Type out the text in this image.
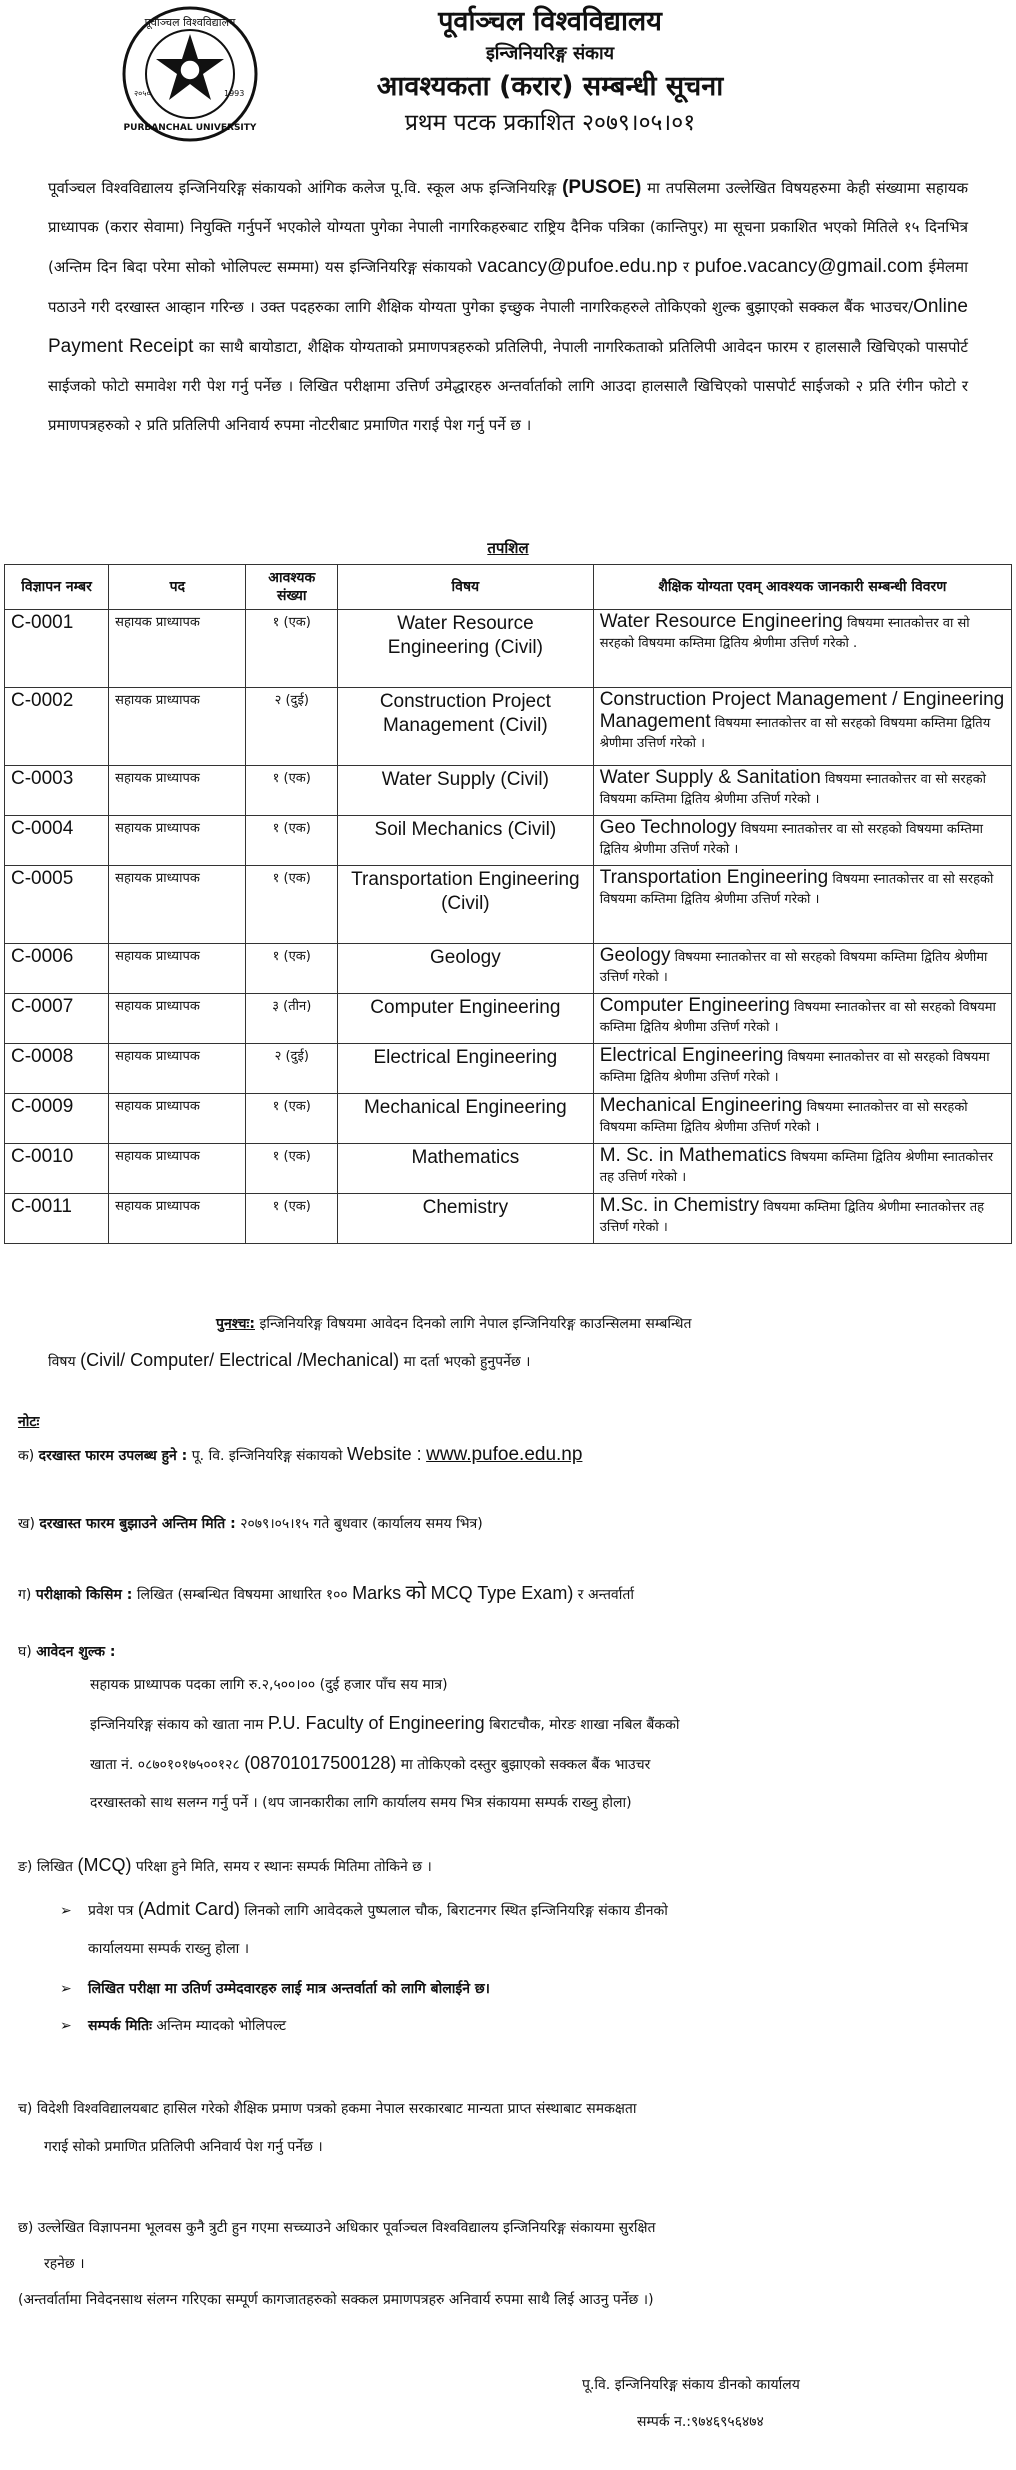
पूर्वाञ्चल विश्वविद्यालय
PURBANCHAL UNIVERSITY
२०५०	1993
पूर्वाञ्चल विश्वविद्यालय
इन्जिनियरिङ्ग संकाय
आवश्यकता (करार) सम्बन्धी सूचना
प्रथम पटक प्रकाशित २०७९।०५।०१
पूर्वाञ्चल विश्वविद्यालय इन्जिनियरिङ्ग संकायको आंगिक कलेज पू.वि. स्कूल अफ इन्जिनियरिङ्ग (PUSOE) मा तपसिलमा उल्लेखित विषयहरुमा केही संख्यामा सहायक प्राध्यापक (करार सेवामा) नियुक्ति गर्नुपर्ने भएकोले योग्यता पुगेका नेपाली नागरिकहरुबाट राष्ट्रिय दैनिक पत्रिका (कान्तिपुर) मा सूचना प्रकाशित भएको मितिले १५ दिनभित्र (अन्तिम दिन बिदा परेमा सोको भोलिपल्ट सम्ममा) यस इन्जिनियरिङ्ग संकायको vacancy@pufoe.edu.np र pufoe.vacancy@gmail.com ईमेलमा पठाउने गरी दरखास्त आव्हान गरिन्छ । उक्त पदहरुका लागि शैक्षिक योग्यता पुगेका इच्छुक नेपाली नागरिकहरुले तोकिएको शुल्क बुझाएको सक्कल बैंक भाउचर/Online Payment Receipt का साथै बायोडाटा, शैक्षिक योग्यताको प्रमाणपत्रहरुको प्रतिलिपी, नेपाली नागरिकताको प्रतिलिपी आवेदन फारम र हालसालै खिचिएको पासपोर्ट साईजको फोटो समावेश गरी पेश गर्नु पर्नेछ । लिखित परीक्षामा उत्तिर्ण उमेद्धारहरु अन्तर्वार्ताको लागि आउदा हालसालै खिचिएको पासपोर्ट साईजको २ प्रति रंगीन फोटो र प्रमाणपत्रहरुको २ प्रति प्रतिलिपी अनिवार्य रुपमा नोटरीबाट प्रमाणित गराई पेश गर्नु पर्ने छ ।
तपशिल
विज्ञापन नम्बर	पद	आवश्यक संख्या	विषय	शैक्षिक योग्यता एवम् आवश्यक जानकारी सम्बन्धी विवरण
C-0001	सहायक प्राध्यापक	१ (एक)	Water Resource Engineering (Civil)	Water Resource Engineering विषयमा स्नातकोत्तर वा सो सरहको विषयमा कम्तिमा द्वितिय श्रेणीमा उत्तिर्ण गरेको .
C-0002	सहायक प्राध्यापक	२ (दुई)	Construction Project Management (Civil)	Construction Project Management / Engineering Management विषयमा स्नातकोत्तर वा सो सरहको विषयमा कम्तिमा द्वितिय श्रेणीमा उत्तिर्ण गरेको ।
C-0003	सहायक प्राध्यापक	१ (एक)	Water Supply (Civil)	Water Supply & Sanitation विषयमा स्नातकोत्तर वा सो सरहको विषयमा कम्तिमा द्वितिय श्रेणीमा उत्तिर्ण गरेको ।
C-0004	सहायक प्राध्यापक	१ (एक)	Soil Mechanics (Civil)	Geo Technology विषयमा स्नातकोत्तर वा सो सरहको विषयमा कम्तिमा द्वितिय श्रेणीमा उत्तिर्ण गरेको ।
C-0005	सहायक प्राध्यापक	१ (एक)	Transportation Engineering (Civil)	Transportation Engineering विषयमा स्नातकोत्तर वा सो सरहको विषयमा कम्तिमा द्वितिय श्रेणीमा उत्तिर्ण गरेको ।
C-0006	सहायक प्राध्यापक	१ (एक)	Geology	Geology विषयमा स्नातकोत्तर वा सो सरहको विषयमा कम्तिमा द्वितिय श्रेणीमा उत्तिर्ण गरेको ।
C-0007	सहायक प्राध्यापक	३ (तीन)	Computer Engineering	Computer Engineering विषयमा स्नातकोत्तर वा सो सरहको विषयमा कम्तिमा द्वितिय श्रेणीमा उत्तिर्ण गरेको ।
C-0008	सहायक प्राध्यापक	२ (दुई)	Electrical Engineering	Electrical Engineering विषयमा स्नातकोत्तर वा सो सरहको विषयमा कम्तिमा द्वितिय श्रेणीमा उत्तिर्ण गरेको ।
C-0009	सहायक प्राध्यापक	१ (एक)	Mechanical Engineering	Mechanical Engineering विषयमा स्नातकोत्तर वा सो सरहको विषयमा कम्तिमा द्वितिय श्रेणीमा उत्तिर्ण गरेको ।
C-0010	सहायक प्राध्यापक	१ (एक)	Mathematics	M. Sc. in Mathematics विषयमा कम्तिमा द्वितिय श्रेणीमा स्नातकोत्तर तह उत्तिर्ण गरेको ।
C-0011	सहायक प्राध्यापक	१ (एक)	Chemistry	M.Sc. in Chemistry विषयमा कम्तिमा द्वितिय श्रेणीमा स्नातकोत्तर तह उत्तिर्ण गरेको ।
पुनश्चः: इन्जिनियरिङ्ग विषयमा आवेदन दिनको लागि नेपाल इन्जिनियरिङ्ग काउन्सिलमा सम्बन्धित
विषय (Civil/ Computer/ Electrical /Mechanical) मा दर्ता भएको हुनुपर्नेछ ।
नोटः
क) दरखास्त फारम उपलब्ध हुने : पू. वि. इन्जिनियरिङ्ग संकायको Website : www.pufoe.edu.np
ख) दरखास्त फारम बुझाउने अन्तिम मिति : २०७९।०५।१५ गते बुधवार (कार्यालय समय भित्र)
ग) परीक्षाको किसिम : लिखित (सम्बन्धित विषयमा आधारित १०० Marks को MCQ Type Exam) र अन्तर्वार्ता
घ) आवेदन शुल्क :
सहायक प्राध्यापक पदका लागि रु.२,५००।०० (दुई हजार पाँच सय मात्र)
इन्जिनियरिङ्ग संकाय को खाता नाम P.U. Faculty of Engineering बिराटचौक, मोरङ शाखा नबिल बैंकको
खाता नं. ०८७०१०१७५००१२८ (08701017500128) मा तोकिएको दस्तुर बुझाएको सक्कल बैंक भाउचर
दरखास्तको साथ सलग्न गर्नु पर्ने । (थप जानकारीका लागि कार्यालय समय भित्र संकायमा सम्पर्क राख्नु होला)
ङ) लिखित (MCQ) परिक्षा हुने मिति, समय र स्थानः सम्पर्क मितिमा तोकिने छ ।
➢ प्रवेश पत्र (Admit Card) लिनको लागि आवेदकले पुष्पलाल चौक, बिराटनगर स्थित इन्जिनियरिङ्ग संकाय डीनको
कार्यालयमा सम्पर्क राख्नु होला ।
➢ लिखित परीक्षा मा उतिर्ण उम्मेदवारहरु लाई मात्र अन्तर्वार्ता को लागि बोलाईने छ।
➢ सम्पर्क मितिः अन्तिम म्यादको भोलिपल्ट
च) विदेशी विश्वविद्यालयबाट हासिल गरेको शैक्षिक प्रमाण पत्रको हकमा नेपाल सरकारबाट मान्यता प्राप्त संस्थाबाट समकक्षता
गराई सोको प्रमाणित प्रतिलिपी अनिवार्य पेश गर्नु पर्नेछ ।
छ) उल्लेखित विज्ञापनमा भूलवस कुनै त्रुटी हुन गएमा सच्च्याउने अधिकार पूर्वाञ्चल विश्वविद्यालय इन्जिनियरिङ्ग संकायमा सुरक्षित
रहनेछ ।
(अन्तर्वार्तामा निवेदनसाथ संलग्न गरिएका सम्पूर्ण कागजातहरुको सक्कल प्रमाणपत्रहरु अनिवार्य रुपमा साथै लिई आउनु पर्नेछ ।)
पू.वि. इन्जिनियरिङ्ग संकाय डीनको कार्यालय
सम्पर्क न.:९७४६९५६४७४
